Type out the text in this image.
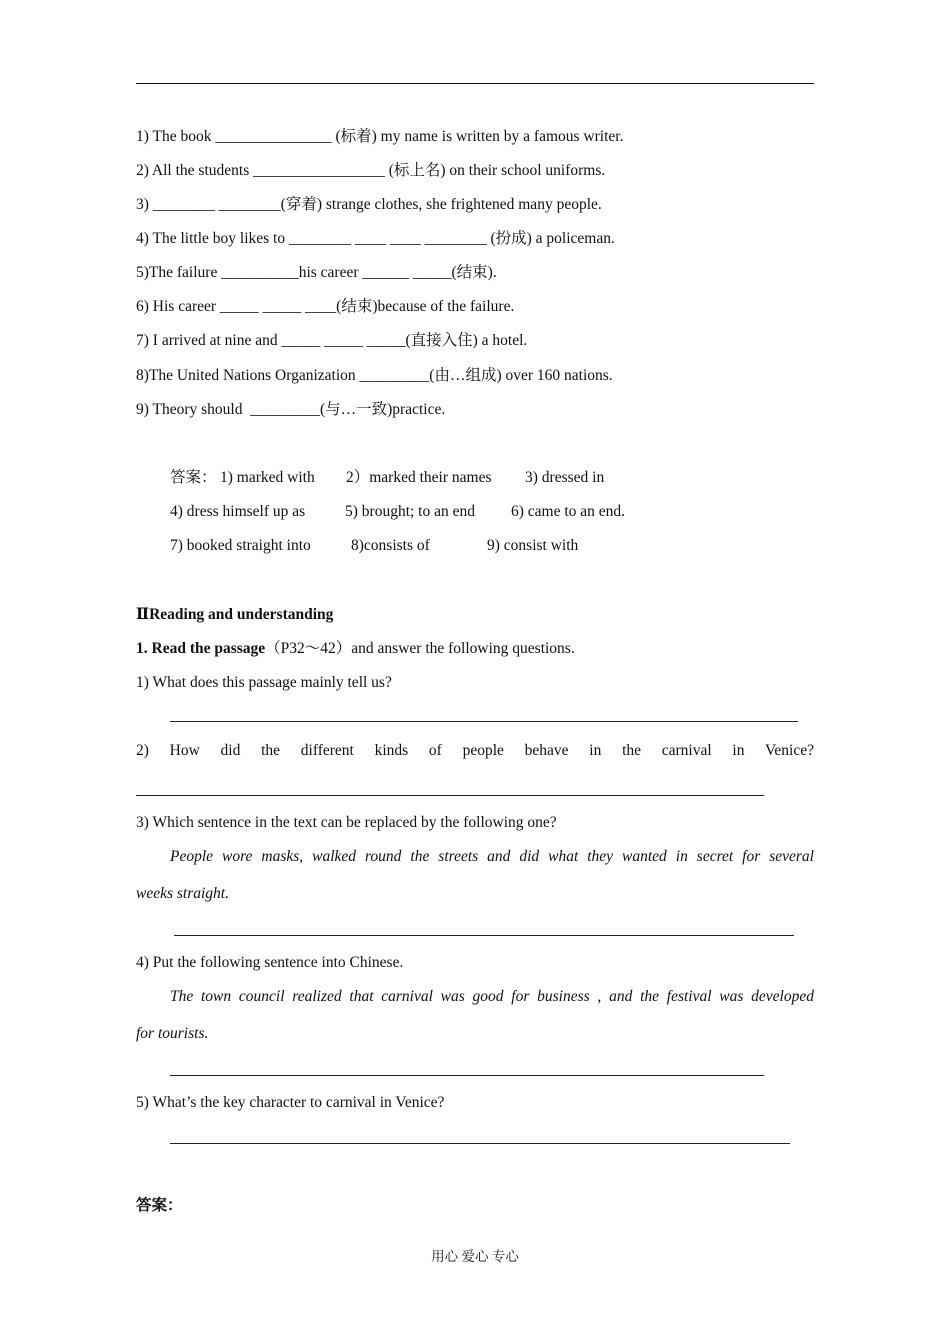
1) The book _______________ (标着) my name is written by a famous writer.
2) All the students _________________ (标上名) on their school uniforms.
3) ________ ________(穿着) strange clothes, she frightened many people.
4) The little boy likes to ________ ____ ____ ________ (扮成) a policeman.
5)The failure __________his career ______ _____(结束).
6) His career _____ _____ ____(结束)because of the failure.
7) I arrived at nine and _____ _____ _____(直接入住) a hotel.
8)The United Nations Organization _________(由…组成) over 160 nations.
9) Theory should  _________(与…一致)practice.

答案：

1) marked with

2）marked their names

3) dressed in

4) dress himself up as

	5) brought; to an end

6) came to an end.

7) booked straight into

	8)consists of

	9) consist with

ⅡReading and understanding
1. Read the passage（P32～42）and answer the following questions.
1) What does this passage mainly tell us?
2) How did the different kinds of people behave in the carnival in Venice?
3) Which sentence in the text can be replaced by the following one?
People wore masks, walked round the streets and did what they wanted in secret for several
weeks straight.
4) Put the following sentence into Chinese.
The town council realized that carnival was good for business , and the festival was developed
for tourists.
5) What’s the key character to carnival in Venice?
答案：
用心 爱心 专心
